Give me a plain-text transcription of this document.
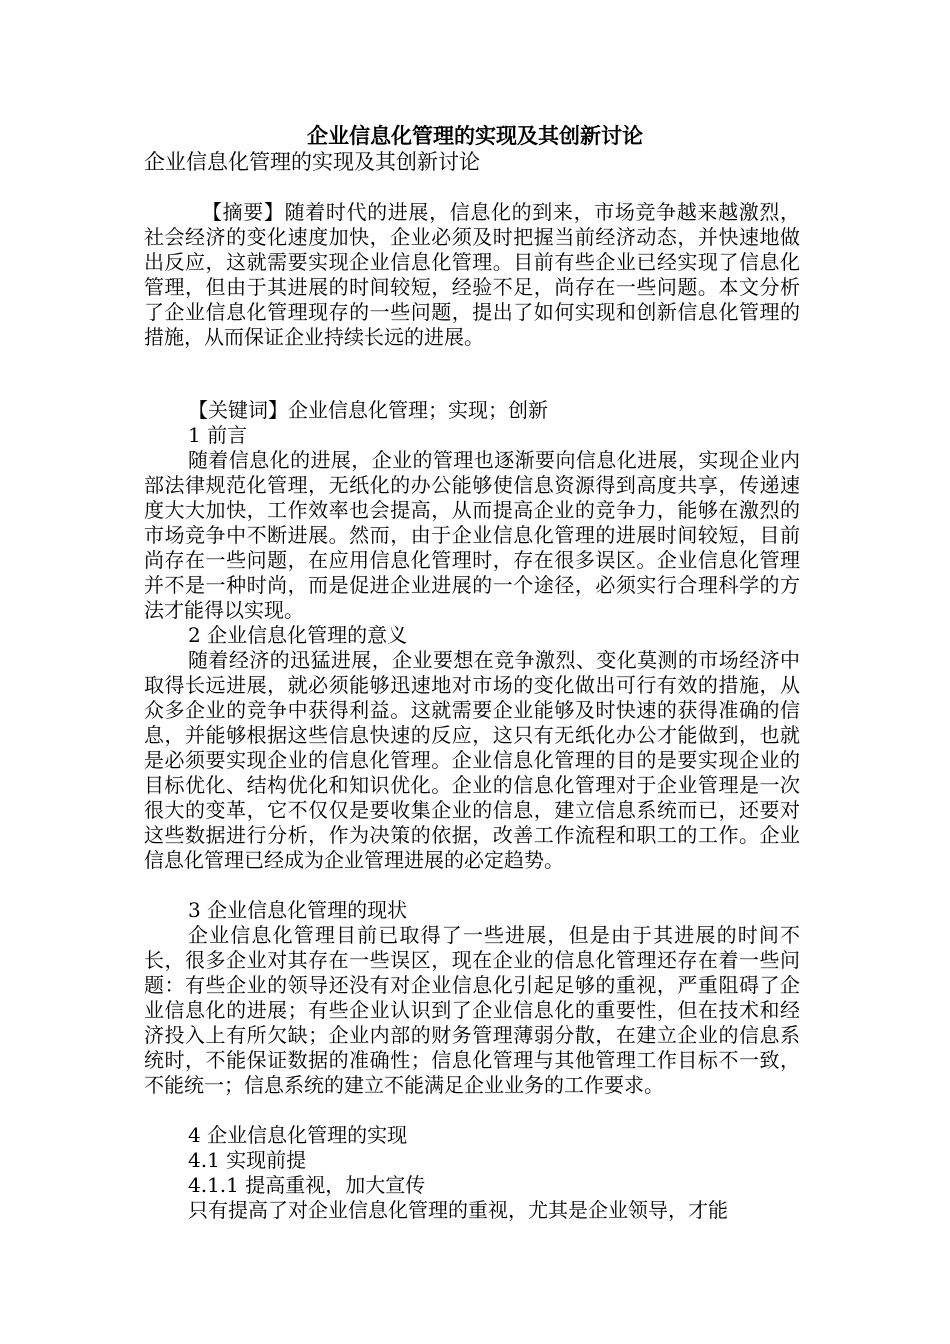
企业信息化管理的实现及其创新讨论
企业信息化管理的实现及其创新讨论

【摘要】随着时代的进展，信息化的到来，市场竞争越来越激烈，社会经济的变化速度加快，企业必须及时把握当前经济动态，并快速地做出反应，这就需要实现企业信息化管理。目前有些企业已经实现了信息化管理，但由于其进展的时间较短，经验不足，尚存在一些问题。本文分析了企业信息化管理现存的一些问题，提出了如何实现和创新信息化管理的措施，从而保证企业持续长远的进展。

【关键词】企业信息化管理；实现；创新

1 前言

随着信息化的进展，企业的管理也逐渐要向信息化进展，实现企业内部法律规范化管理，无纸化的办公能够使信息资源得到高度共享，传递速度大大加快，工作效率也会提高，从而提高企业的竞争力，能够在激烈的市场竞争中不断进展。然而，由于企业信息化管理的进展时间较短，目前尚存在一些问题，在应用信息化管理时，存在很多误区。企业信息化管理并不是一种时尚，而是促进企业进展的一个途径，必须实行合理科学的方法才能得以实现。

2 企业信息化管理的意义

随着经济的迅猛进展，企业要想在竞争激烈、变化莫测的市场经济中取得长远进展，就必须能够迅速地对市场的变化做出可行有效的措施，从众多企业的竞争中获得利益。这就需要企业能够及时快速的获得准确的信息，并能够根据这些信息快速的反应，这只有无纸化办公才能做到，也就是必须要实现企业的信息化管理。企业信息化管理的目的是要实现企业的目标优化、结构优化和知识优化。企业的信息化管理对于企业管理是一次很大的变革，它不仅仅是要收集企业的信息，建立信息系统而已，还要对这些数据进行分析，作为决策的依据，改善工作流程和职工的工作。企业信息化管理已经成为企业管理进展的必定趋势。

3 企业信息化管理的现状

企业信息化管理目前已取得了一些进展，但是由于其进展的时间不长，很多企业对其存在一些误区，现在企业的信息化管理还存在着一些问题：有些企业的领导还没有对企业信息化引起足够的重视，严重阻碍了企业信息化的进展；有些企业认识到了企业信息化的重要性，但在技术和经济投入上有所欠缺；企业内部的财务管理薄弱分散，在建立企业的信息系统时，不能保证数据的准确性；信息化管理与其他管理工作目标不一致，不能统一；信息系统的建立不能满足企业业务的工作要求。

4 企业信息化管理的实现

4.1 实现前提

4.1.1 提高重视，加大宣传

只有提高了对企业信息化管理的重视，尤其是企业领导，才能
